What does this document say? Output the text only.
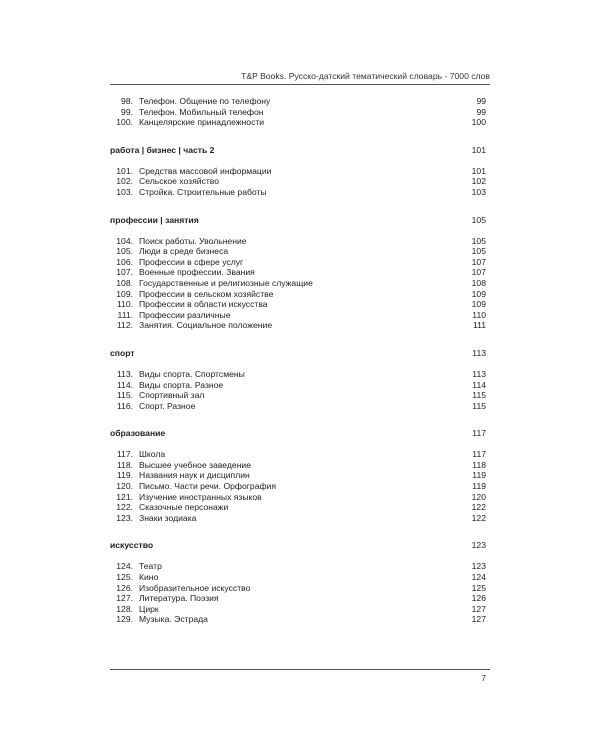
T&P Books. Русско-датский тематический словарь - 7000 слов
98. Телефон. Общение по телефону	99
99. Телефон. Мобильный телефон	99
100. Канцелярские принадлежности	100
работа | бизнес | часть 2	101
101. Средства массовой информации	101
102. Сельское хозяйство	102
103. Стройка. Строительные работы	103
профессии | занятия	105
104. Поиск работы. Увольнение	105
105. Люди в среде бизнеса	105
106. Профессии в сфере услуг	107
107. Военные профессии. Звания	107
108. Государственные и религиозные служащие	108
109. Профессии в сельском хозяйстве	109
110. Профессии в области искусства	109
111. Профессии различные	110
112. Занятия. Социальное положение	111
спорт	113
113. Виды спорта. Спортсмены	113
114. Виды спорта. Разное	114
115. Спортивный зал	115
116. Спорт. Разное	115
образование	117
117. Школа	117
118. Высшее учебное заведение	118
119. Названия наук и дисциплин	119
120. Письмо. Части речи. Орфография	119
121. Изучение иностранных языков	120
122. Сказочные персонажи	122
123. Знаки зодиака	122
искусство	123
124. Театр	123
125. Кино	124
126. Изобразительное искусство	125
127. Литература. Поэзия	126
128. Цирк	127
129. Музыка. Эстрада	127
7
